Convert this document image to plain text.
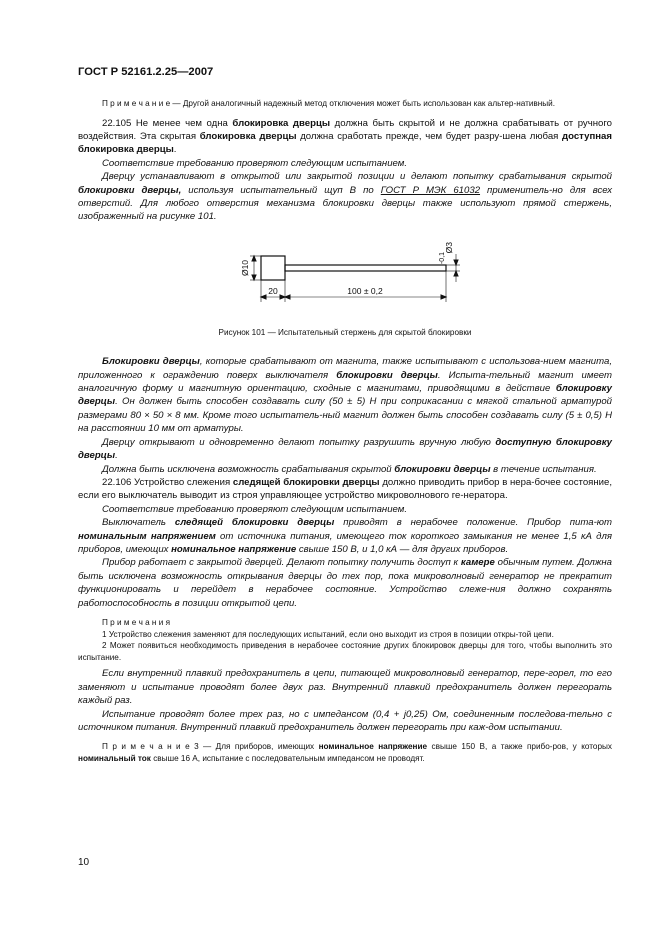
ГОСТ Р 52161.2.25—2007

П р и м е ч а н и е — Другой аналогичный надежный метод отключения может быть использован как альтер-нативный.

22.105 Не менее чем одна блокировка дверцы должна быть скрытой и не должна срабатывать от ручного воздействия. Эта скрытая блокировка дверцы должна сработать прежде, чем будет разру-шена любая доступная блокировка дверцы.

Соответствие требованию проверяют следующим испытанием.

Дверцу устанавливают в открытой или закрытой позиции и делают попытку срабатывания скрытой блокировки дверцы, используя испытательный щуп В по ГОСТ Р МЭК 61032 применитель-но для всех отверстий. Для любого отверстия механизма блокировки дверцы также используют прямой стержень, изображенный на рисунке 101.

Ø10
Ø3
-0,1
20	100 ± 0,2

Рисунок 101 — Испытательный стержень для скрытой блокировки

Блокировки дверцы, которые срабатывают от магнита, также испытывают с использова-нием магнита, приложенного к ограждению поверх выключателя блокировки дверцы. Испыта-тельный магнит имеет аналогичную форму и магнитную ориентацию, сходные с магнитами, приводящими в действие блокировку дверцы. Он должен быть способен создавать силу (50 ± 5) Н при соприкасании с мягкой стальной арматурой размерами 80 × 50 × 8 мм. Кроме того испытатель-ный магнит должен быть способен создавать силу (5 ± 0,5) Н на расстоянии 10 мм от арматуры.

Дверцу открывают и одновременно делают попытку разрушить вручную любую доступную блокировку дверцы.

Должна быть исключена возможность срабатывания скрытой блокировки дверцы в течение испытания.

22.106 Устройство слежения следящей блокировки дверцы должно приводить прибор в нера-бочее состояние, если его выключатель выводит из строя управляющее устройство микроволнового ге-нератора.

Соответствие требованию проверяют следующим испытанием.

Выключатель следящей блокировки дверцы приводят в нерабочее положение. Прибор пита-ют номинальным напряжением от источника питания, имеющего ток короткого замыкания не менее 1,5 кА для приборов, имеющих номинальное напряжение свыше 150 В, и 1,0 кА — для других приборов.

Прибор работает с закрытой дверцей. Делают попытку получить доступ к камере обычным путем. Должна быть исключена возможность открывания дверцы до тех пор, пока микроволновый генератор не прекратит функционировать и перейдет в нерабочее состояние. Устройство слеже-ния должно сохранять работоспособность в позиции открытой цепи.

П р и м е ч а н и я

1 Устройство слежения заменяют для последующих испытаний, если оно выходит из строя в позиции откры-той цепи.

2 Может появиться необходимость приведения в нерабочее состояние других блокировок дверцы для того, чтобы выполнить это испытание.

Если внутренний плавкий предохранитель в цепи, питающей микроволновый генератор, пере-горел, то его заменяют и испытание проводят более двух раз. Внутренний плавкий предохранитель должен перегорать каждый раз.

Испытание проводят более трех раз, но с импедансом (0,4 + j0,25) Ом, соединенным последова-тельно с источником питания. Внутренний плавкий предохранитель должен перегорать при каж-дом испытании.

П р и м е ч а н и е 3 — Для приборов, имеющих номинальное напряжение свыше 150 В, а также прибо-ров, у которых номинальный ток свыше 16 А, испытание с последовательным импедансом не проводят.

10
